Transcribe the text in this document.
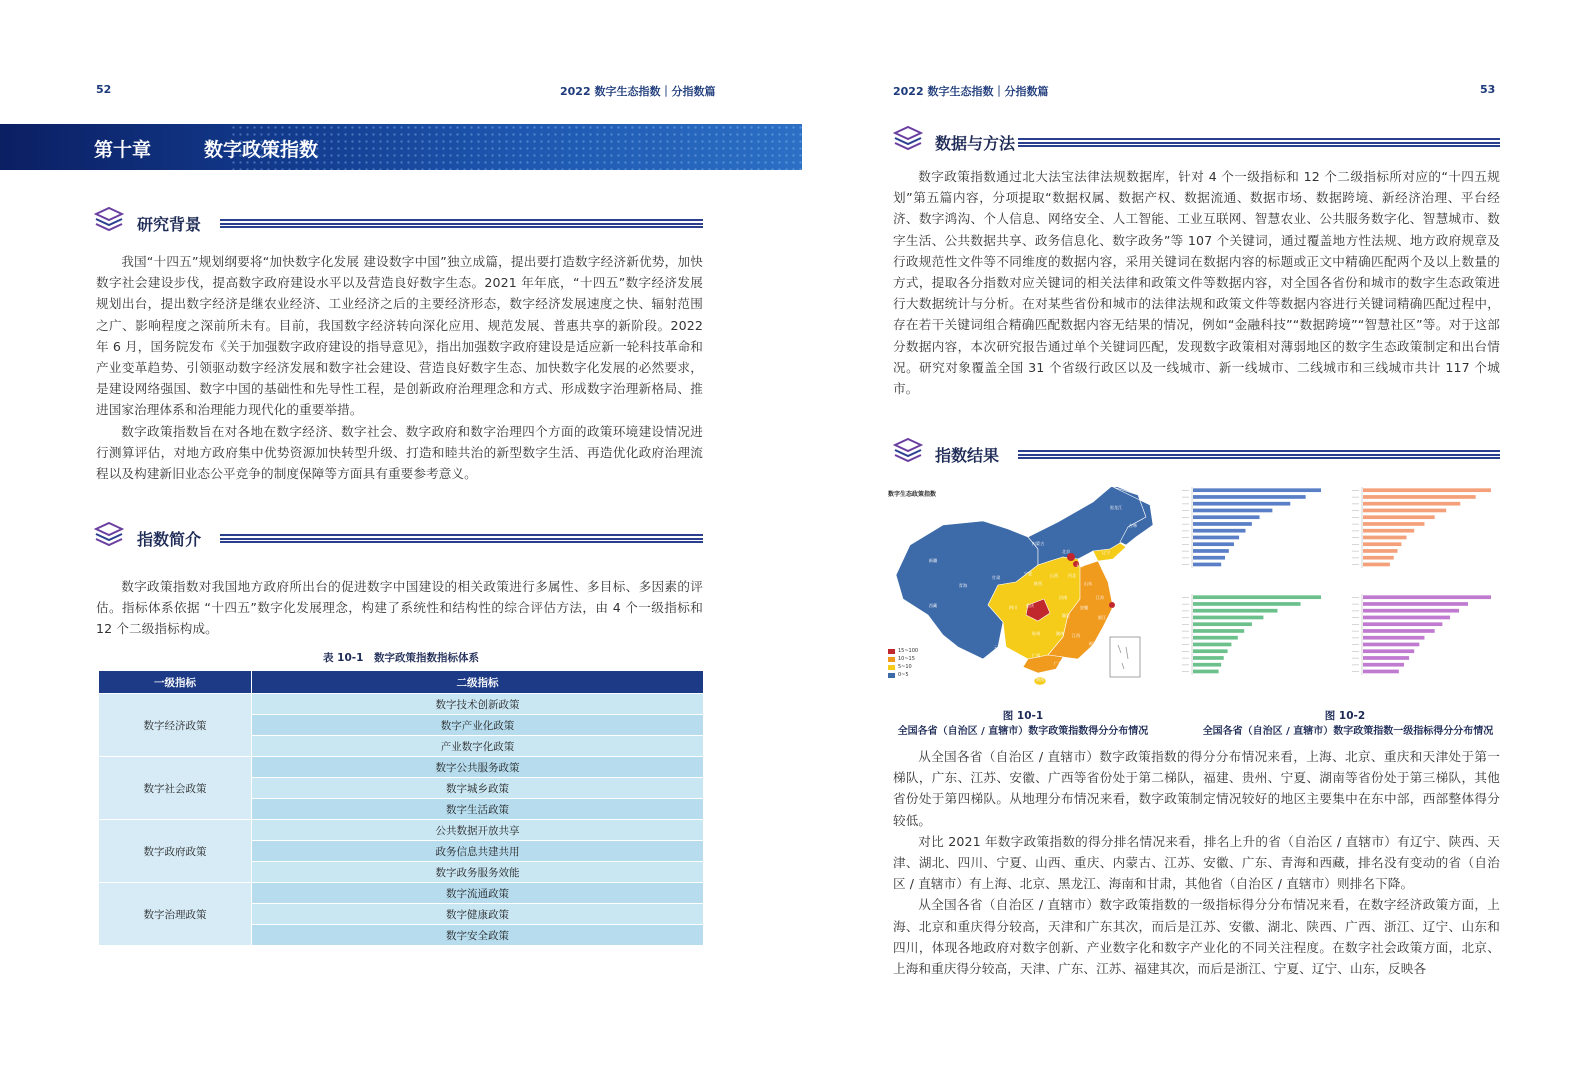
52	2022 数字生态指数｜分指数篇
第十章	数字政策指数
研究背景

我国“十四五”规划纲要将“加快数字化发展 建设数字中国”独立成篇，提出要打造数字经济新优势，加快数字社会建设步伐，提高数字政府建设水平以及营造良好数字生态。2021 年年底，“十四五”数字经济发展规划出台，提出数字经济是继农业经济、工业经济之后的主要经济形态，数字经济发展速度之快、辐射范围之广、影响程度之深前所未有。目前，我国数字经济转向深化应用、规范发展、普惠共享的新阶段。2022 年 6 月，国务院发布《关于加强数字政府建设的指导意见》，指出加强数字政府建设是适应新一轮科技革命和产业变革趋势、引领驱动数字经济发展和数字社会建设、营造良好数字生态、加快数字化发展的必然要求，是建设网络强国、数字中国的基础性和先导性工程，是创新政府治理理念和方式、形成数字治理新格局、推进国家治理体系和治理能力现代化的重要举措。

数字政策指数旨在对各地在数字经济、数字社会、数字政府和数字治理四个方面的政策环境建设情况进行测算评估，对地方政府集中优势资源加快转型升级、打造和睦共治的新型数字生活、再造优化政府治理流程以及构建新旧业态公平竞争的制度保障等方面具有重要参考意义。

指数简介

数字政策指数对我国地方政府所出台的促进数字中国建设的相关政策进行多属性、多目标、多因素的评估。指标体系依据 “十四五”数字化发展理念，构建了系统性和结构性的综合评估方法，由 4 个一级指标和 12 个二级指标构成。

表 10-1　数字政策指数指标体系
一级指标	二级指标
数字经济政策	数字技术创新政策
	数字产业化政策
	产业数字化政策
数字社会政策	数字公共服务政策
	数字城乡政策
	数字生活政策
数字政府政策	公共数据开放共享
	政务信息共建共用
	数字政务服务效能
数字治理政策	数字流通政策
	数字健康政策
	数字安全政策
2022 数字生态指数｜分指数篇	53
数据与方法

数字政策指数通过北大法宝法律法规数据库，针对 4 个一级指标和 12 个二级指标所对应的“十四五规划”第五篇内容，分项提取“数据权属、数据产权、数据流通、数据市场、数据跨境、新经济治理、平台经济、数字鸿沟、个人信息、网络安全、人工智能、工业互联网、智慧农业、公共服务数字化、智慧城市、数字生活、公共数据共享、政务信息化、数字政务”等 107 个关键词，通过覆盖地方性法规、地方政府规章及行政规范性文件等不同维度的数据内容，采用关键词在数据内容的标题或正文中精确匹配两个及以上数量的方式，提取各分指数对应关键词的相关法律和政策文件等数据内容，对全国各省份和城市的数字生态政策进行大数据统计与分析。在对某些省份和城市的法律法规和政策文件等数据内容进行关键词精确匹配过程中，存在若干关键词组合精确匹配数据内容无结果的情况，例如“金融科技”“数据跨境”“智慧社区”等。对于这部分数据内容，本次研究报告通过单个关键词匹配，发现数字政策相对薄弱地区的数字生态政策制定和出台情况。研究对象覆盖全国 31 个省级行政区以及一线城市、新一线城市、二线城市和三线城市共计 117 个城市。

指数结果
数字生态政策指数
新疆
西藏
青海
甘肃
四川
云南
内蒙古
黑龙江
吉林
辽宁
北京
天津
河北
山西
陕西
宁夏
河南
山东
江苏
安徽
湖北
湖南
重庆
贵州
广西
广东
江西
浙江
福建
上海
海南
15~100
10~15
5~10
0~5
图 10-1
全国各省（自治区 / 直辖市）数字政策指数得分分布情况
图 10-2
全国各省（自治区 / 直辖市）数字政策指数一级指标得分分布情况

从全国各省（自治区 / 直辖市）数字政策指数的得分分布情况来看，上海、北京、重庆和天津处于第一梯队，广东、江苏、安徽、广西等省份处于第二梯队，福建、贵州、宁夏、湖南等省份处于第三梯队，其他省份处于第四梯队。从地理分布情况来看，数字政策制定情况较好的地区主要集中在东中部，西部整体得分较低。

对比 2021 年数字政策指数的得分排名情况来看，排名上升的省（自治区 / 直辖市）有辽宁、陕西、天津、湖北、四川、宁夏、山西、重庆、内蒙古、江苏、安徽、广东、青海和西藏，排名没有变动的省（自治区 / 直辖市）有上海、北京、黑龙江、海南和甘肃，其他省（自治区 / 直辖市）则排名下降。

从全国各省（自治区 / 直辖市）数字政策指数的一级指标得分分布情况来看，在数字经济政策方面，上海、北京和重庆得分较高，天津和广东其次，而后是江苏、安徽、湖北、陕西、广西、浙江、辽宁、山东和四川，体现各地政府对数字创新、产业数字化和数字产业化的不同关注程度。在数字社会政策方面，北京、上海和重庆得分较高，天津、广东、江苏、福建其次，而后是浙江、宁夏、辽宁、山东，反映各
